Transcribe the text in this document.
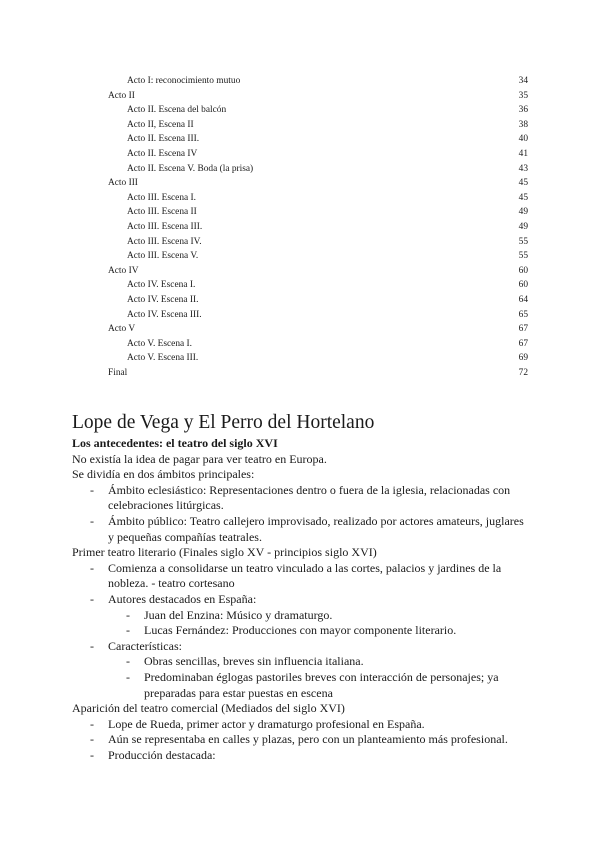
Acto I: reconocimiento mutuo	34
Acto II	35
Acto II. Escena del balcón	36
Acto II, Escena II	38
Acto II. Escena III.	40
Acto II. Escena IV	41
Acto II. Escena V. Boda (la prisa)	43
Acto III	45
Acto III. Escena I.	45
Acto III. Escena II	49
Acto III. Escena III.	49
Acto III. Escena IV.	55
Acto III. Escena V.	55
Acto IV	60
Acto IV. Escena I.	60
Acto IV. Escena II.	64
Acto IV. Escena III.	65
Acto V	67
Acto V. Escena I.	67
Acto V. Escena III.	69
Final	72
Lope de Vega y El Perro del Hortelano
Los antecedentes: el teatro del siglo XVI
No existía la idea de pagar para ver teatro en Europa.
Se dividía en dos ámbitos principales:
- Ámbito eclesiástico: Representaciones dentro o fuera de la iglesia, relacionadas con celebraciones litúrgicas.
- Ámbito público: Teatro callejero improvisado, realizado por actores amateurs, juglares y pequeñas compañías teatrales.
Primer teatro literario (Finales siglo XV - principios siglo XVI)
- Comienza a consolidarse un teatro vinculado a las cortes, palacios y jardines de la nobleza. - teatro cortesano
- Autores destacados en España:
- Juan del Enzina: Músico y dramaturgo.
- Lucas Fernández: Producciones con mayor componente literario.
- Características:
- Obras sencillas, breves sin influencia italiana.
- Predominaban églogas pastoriles breves con interacción de personajes; ya preparadas para estar puestas en escena
Aparición del teatro comercial (Mediados del siglo XVI)
- Lope de Rueda, primer actor y dramaturgo profesional en España.
- Aún se representaba en calles y plazas, pero con un planteamiento más profesional.
- Producción destacada:
